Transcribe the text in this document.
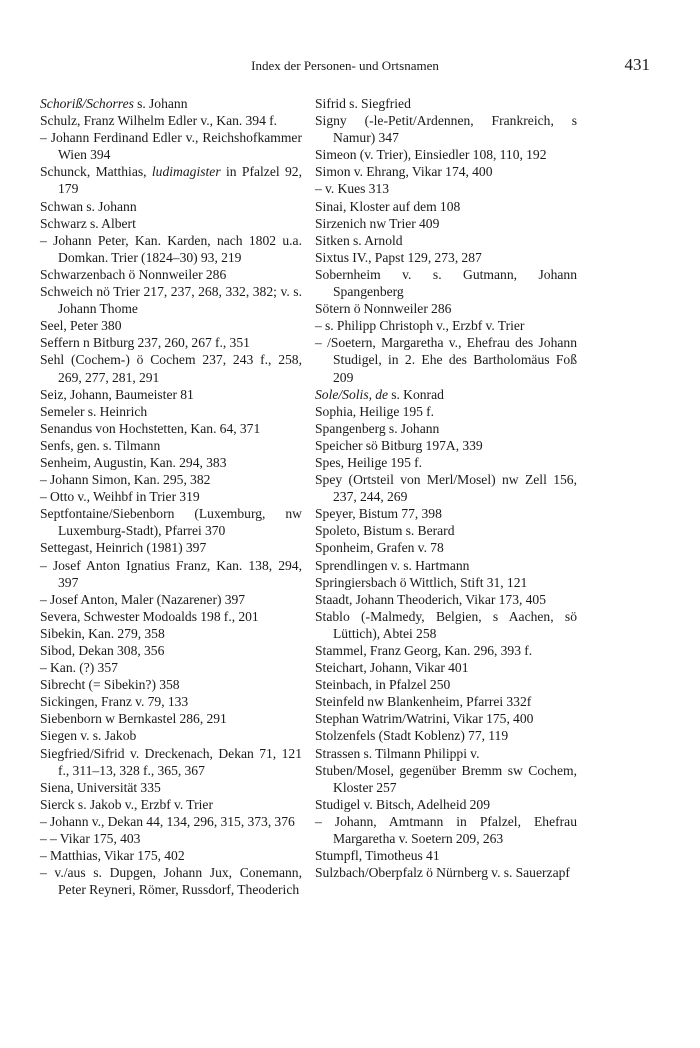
Index der Personen- und Ortsnamen	431
Schoriß/Schorres s. Johann
Schulz, Franz Wilhelm Edler v., Kan. 394 f.
– Johann Ferdinand Edler v., Reichshofkammer Wien 394
Schunck, Matthias, ludimagister in Pfalzel 92, 179
Schwan s. Johann
Schwarz s. Albert
– Johann Peter, Kan. Karden, nach 1802 u.a. Domkan. Trier (1824–30) 93, 219
Schwarzenbach ö Nonnweiler 286
Schweich nö Trier 217, 237, 268, 332, 382; v. s. Johann Thome
Seel, Peter 380
Seffern n Bitburg 237, 260, 267 f., 351
Sehl (Cochem-) ö Cochem 237, 243 f., 258, 269, 277, 281, 291
Seiz, Johann, Baumeister 81
Semeler s. Heinrich
Senandus von Hochstetten, Kan. 64, 371
Senfs, gen. s. Tilmann
Senheim, Augustin, Kan. 294, 383
– Johann Simon, Kan. 295, 382
– Otto v., Weihbf in Trier 319
Septfontaine/Siebenborn (Luxemburg, nw Luxemburg-Stadt), Pfarrei 370
Settegast, Heinrich (1981) 397
– Josef Anton Ignatius Franz, Kan. 138, 294, 397
– Josef Anton, Maler (Nazarener) 397
Severa, Schwester Modoalds 198 f., 201
Sibekin, Kan. 279, 358
Sibod, Dekan 308, 356
– Kan. (?) 357
Sibrecht (= Sibekin?) 358
Sickingen, Franz v. 79, 133
Siebenborn w Bernkastel 286, 291
Siegen v. s. Jakob
Siegfried/Sifrid v. Dreckenach, Dekan 71, 121 f., 311–13, 328 f., 365, 367
Siena, Universität 335
Sierck s. Jakob v., Erzbf v. Trier
– Johann v., Dekan 44, 134, 296, 315, 373, 376
– – Vikar 175, 403
– Matthias, Vikar 175, 402
– v./aus s. Dupgen, Johann Jux, Conemann, Peter Reyneri, Römer, Russdorf, Theoderich
Sifrid s. Siegfried
Signy (-le-Petit/Ardennen, Frankreich, s Namur) 347
Simeon (v. Trier), Einsiedler 108, 110, 192
Simon v. Ehrang, Vikar 174, 400
– v. Kues 313
Sinai, Kloster auf dem 108
Sirzenich nw Trier 409
Sitken s. Arnold
Sixtus IV., Papst 129, 273, 287
Sobernheim v. s. Gutmann, Johann Spangenberg
Sötern ö Nonnweiler 286
– s. Philipp Christoph v., Erzbf v. Trier
– /Soetern, Margaretha v., Ehefrau des Johann Studigel, in 2. Ehe des Bartholomäus Foß 209
Sole/Solis, de s. Konrad
Sophia, Heilige 195 f.
Spangenberg s. Johann
Speicher sö Bitburg 197A, 339
Spes, Heilige 195 f.
Spey (Ortsteil von Merl/Mosel) nw Zell 156, 237, 244, 269
Speyer, Bistum 77, 398
Spoleto, Bistum s. Berard
Sponheim, Grafen v. 78
Sprendlingen v. s. Hartmann
Springiersbach ö Wittlich, Stift 31, 121
Staadt, Johann Theoderich, Vikar 173, 405
Stablo (-Malmedy, Belgien, s Aachen, sö Lüttich), Abtei 258
Stammel, Franz Georg, Kan. 296, 393 f.
Steichart, Johann, Vikar 401
Steinbach, in Pfalzel 250
Steinfeld nw Blankenheim, Pfarrei 332f
Stephan Watrim/Watrini, Vikar 175, 400
Stolzenfels (Stadt Koblenz) 77, 119
Strassen s. Tilmann Philippi v.
Stuben/Mosel, gegenüber Bremm sw Cochem, Kloster 257
Studigel v. Bitsch, Adelheid 209
– Johann, Amtmann in Pfalzel, Ehefrau Margaretha v. Soetern 209, 263
Stumpfl, Timotheus 41
Sulzbach/Oberpfalz ö Nürnberg v. s. Sauerzapf
